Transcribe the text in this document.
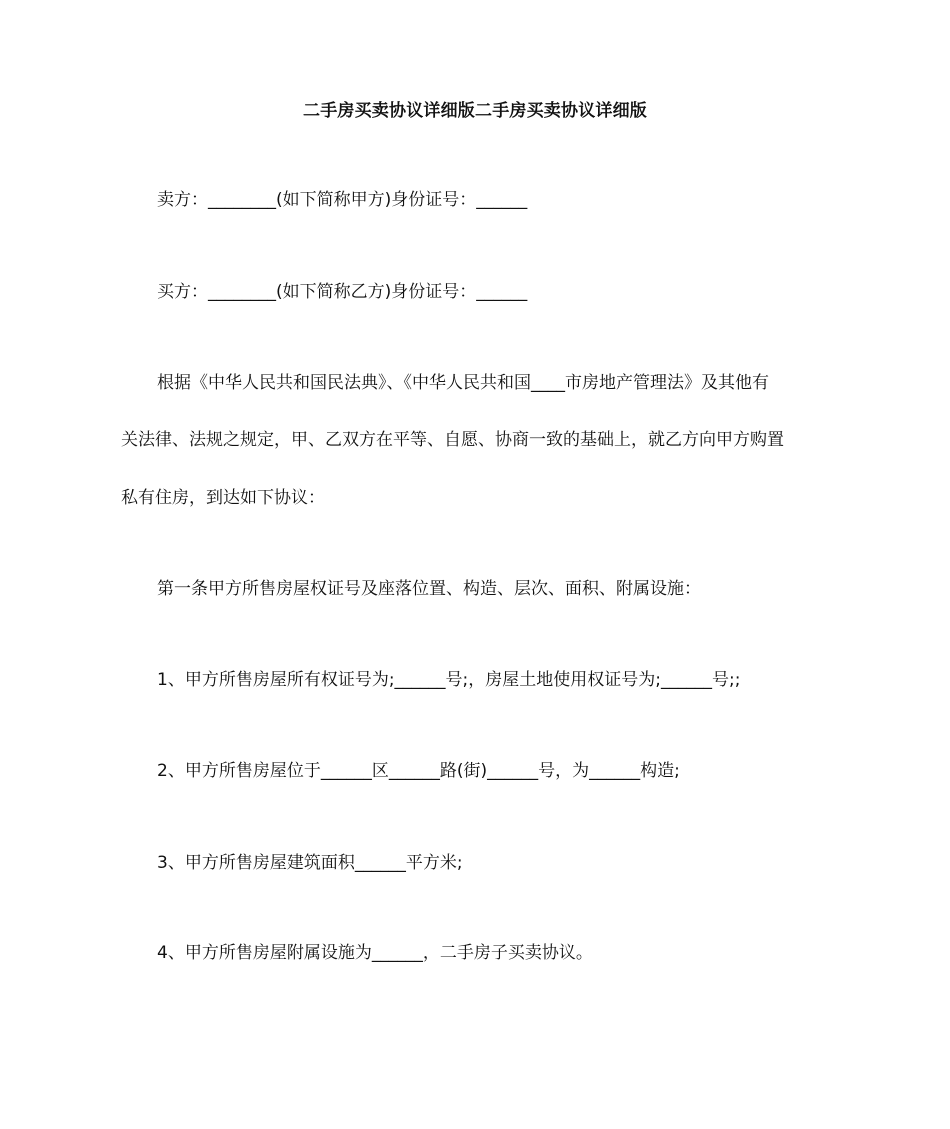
二手房买卖协议详细版二手房买卖协议详细版
卖方：________(如下简称甲方)身份证号：______
买方：________(如下简称乙方)身份证号：______
根据《中华人民共和国民法典》、《中华人民共和国____市房地产管理法》及其他有
关法律、法规之规定，甲、乙双方在平等、自愿、协商一致的基础上，就乙方向甲方购置
私有住房，到达如下协议：
第一条甲方所售房屋权证号及座落位置、构造、层次、面积、附属设施：
1、甲方所售房屋所有权证号为;______号;，房屋土地使用权证号为;______号;;
2、甲方所售房屋位于______区______路(街)______号，为______构造;
3、甲方所售房屋建筑面积______平方米;
4、甲方所售房屋附属设施为______，二手房子买卖协议。
